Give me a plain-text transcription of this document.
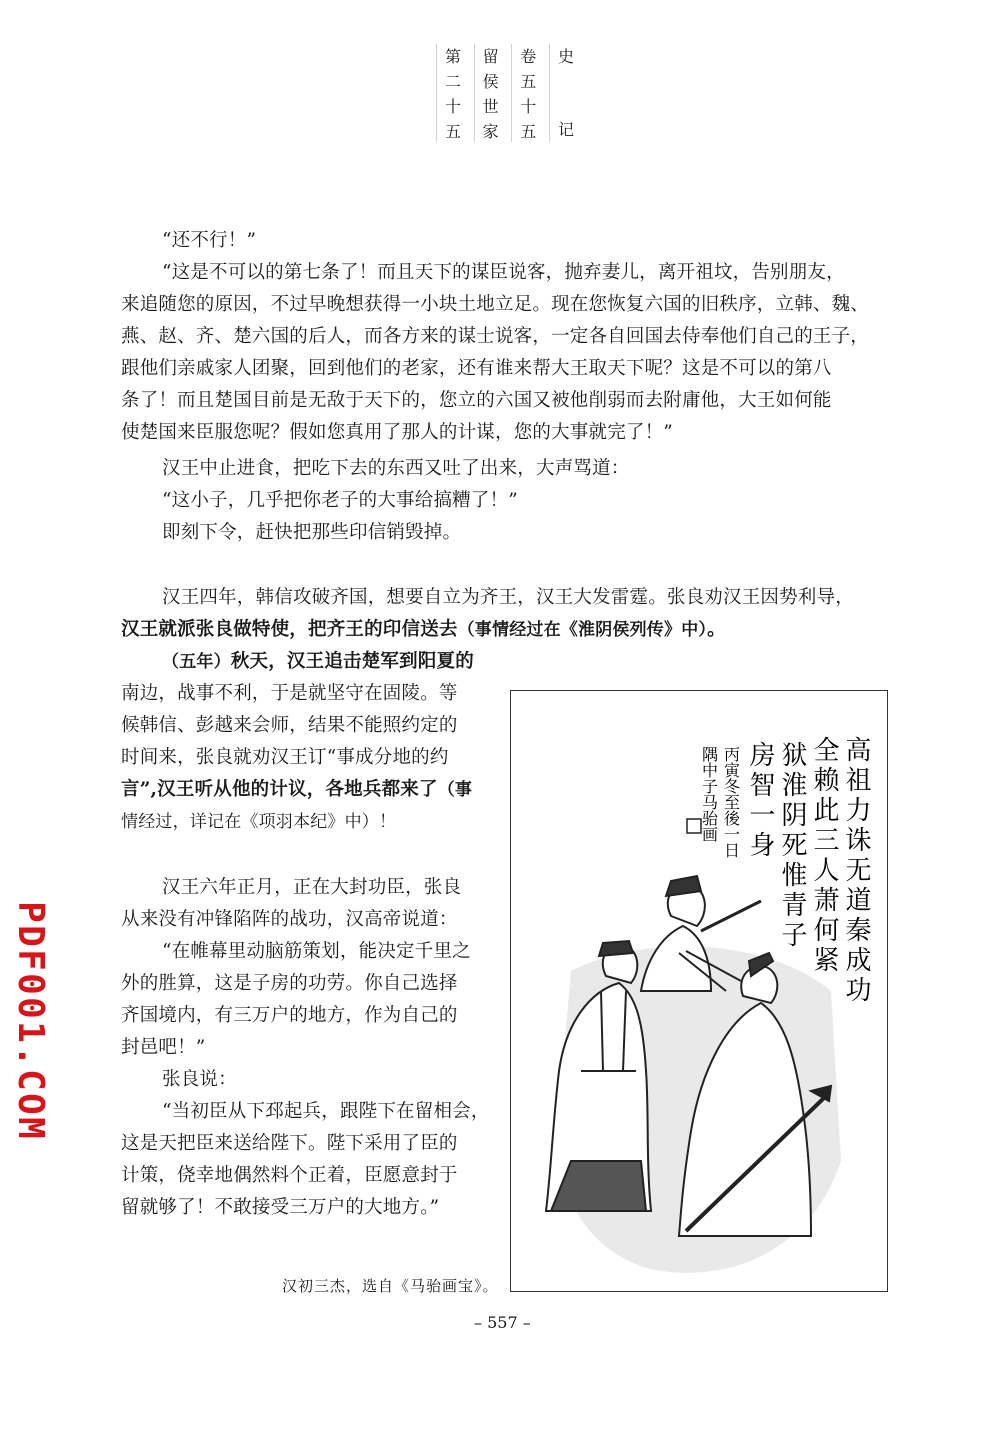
史
记
卷
五
十
五
留
侯
世
家
第
二
十
五
“还不行！”
“这是不可以的第七条了！而且天下的谋臣说客，抛弃妻儿，离开祖坟，告别朋友，
来追随您的原因，不过早晚想获得一小块土地立足。现在您恢复六国的旧秩序，立韩、魏、
燕、赵、齐、楚六国的后人，而各方来的谋士说客，一定各自回国去侍奉他们自己的王子，
跟他们亲戚家人团聚，回到他们的老家，还有谁来帮大王取天下呢？这是不可以的第八
条了！而且楚国目前是无敌于天下的，您立的六国又被他削弱而去附庸他，大王如何能
使楚国来臣服您呢？假如您真用了那人的计谋，您的大事就完了！”
汉王中止进食，把吃下去的东西又吐了出来，大声骂道：
“这小子，几乎把你老子的大事给搞糟了！”
即刻下令，赶快把那些印信销毁掉。
汉王四年，韩信攻破齐国，想要自立为齐王，汉王大发雷霆。张良劝汉王因势利导，
汉王就派张良做特使，把齐王的印信送去（事情经过在《淮阴侯列传》中）。
（五年）秋天，汉王追击楚军到阳夏的
南边，战事不利，于是就坚守在固陵。等
候韩信、彭越来会师，结果不能照约定的
时间来，张良就劝汉王订“事成分地的约
言”,汉王听从他的计议，各地兵都来了（事
情经过，详记在《项羽本纪》中）！
汉王六年正月，正在大封功臣，张良
从来没有冲锋陷阵的战功，汉高帝说道：
“在帷幕里动脑筋策划，能决定千里之
外的胜算，这是子房的功劳。你自己选择
齐国境内，有三万户的地方，作为自己的
封邑吧！”
张良说：
“当初臣从下邳起兵，跟陛下在留相会，
这是天把臣来送给陛下。陛下采用了臣的
计策，侥幸地偶然料个正着，臣愿意封于
留就够了！不敢接受三万户的大地方。”
高祖力诛无道秦成功
全赖此三人萧何紧
狱淮阴死惟青子
房智一身
丙寅冬至後一日
隅中子马骀画
汉初三杰，选自《马骀画宝》。
– 557 –
P
D
F
0
0
1
.
C
O
M
